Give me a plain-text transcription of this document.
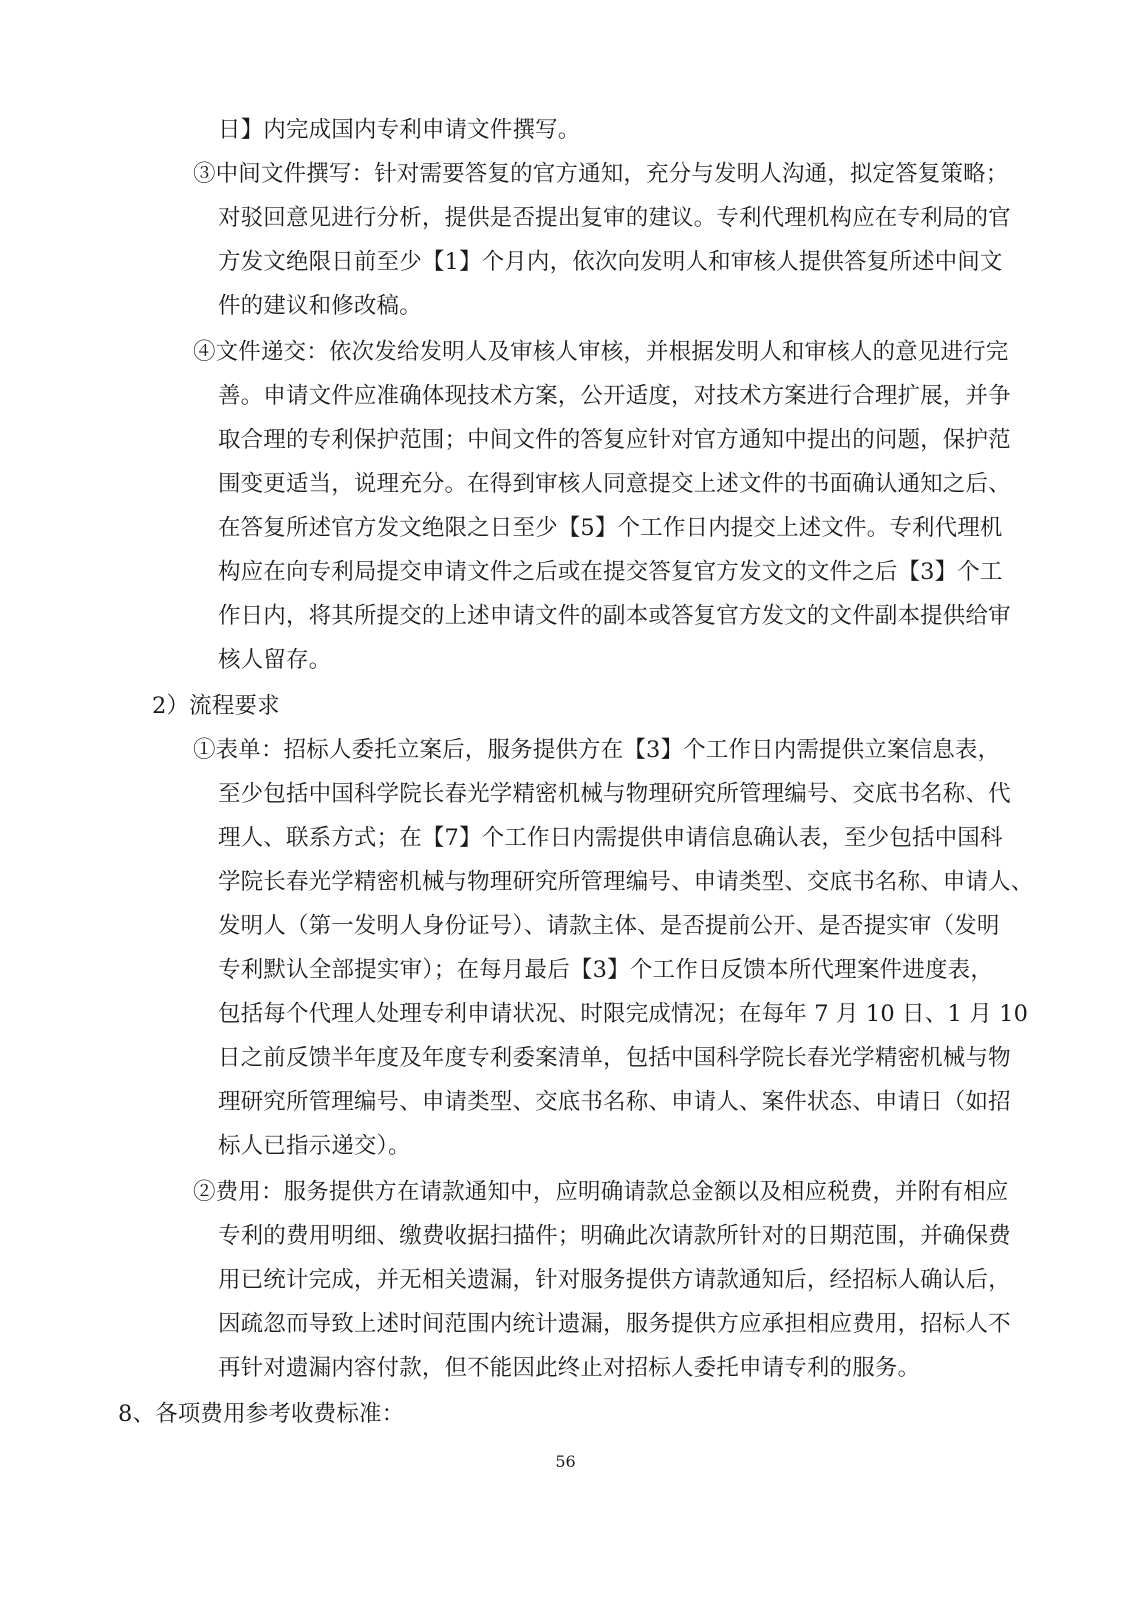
日】内完成国内专利申请文件撰写。
③中间文件撰写：针对需要答复的官方通知，充分与发明人沟通，拟定答复策略；
对驳回意见进行分析，提供是否提出复审的建议。专利代理机构应在专利局的官
方发文绝限日前至少【1】个月内，依次向发明人和审核人提供答复所述中间文
件的建议和修改稿。
④文件递交：依次发给发明人及审核人审核，并根据发明人和审核人的意见进行完
善。申请文件应准确体现技术方案，公开适度，对技术方案进行合理扩展，并争
取合理的专利保护范围；中间文件的答复应针对官方通知中提出的问题，保护范
围变更适当，说理充分。在得到审核人同意提交上述文件的书面确认通知之后、
在答复所述官方发文绝限之日至少【5】个工作日内提交上述文件。专利代理机
构应在向专利局提交申请文件之后或在提交答复官方发文的文件之后【3】个工
作日内，将其所提交的上述申请文件的副本或答复官方发文的文件副本提供给审
核人留存。
2）流程要求
①表单：招标人委托立案后，服务提供方在【3】个工作日内需提供立案信息表，
至少包括中国科学院长春光学精密机械与物理研究所管理编号、交底书名称、代
理人、联系方式；在【7】个工作日内需提供申请信息确认表，至少包括中国科
学院长春光学精密机械与物理研究所管理编号、申请类型、交底书名称、申请人、
发明人（第一发明人身份证号）、请款主体、是否提前公开、是否提实审（发明
专利默认全部提实审）；在每月最后【3】个工作日反馈本所代理案件进度表，
包括每个代理人处理专利申请状况、时限完成情况；在每年 7 月 10 日、1 月 10
日之前反馈半年度及年度专利委案清单，包括中国科学院长春光学精密机械与物
理研究所管理编号、申请类型、交底书名称、申请人、案件状态、申请日（如招
标人已指示递交）。
②费用：服务提供方在请款通知中，应明确请款总金额以及相应税费，并附有相应
专利的费用明细、缴费收据扫描件；明确此次请款所针对的日期范围，并确保费
用已统计完成，并无相关遗漏，针对服务提供方请款通知后，经招标人确认后，
因疏忽而导致上述时间范围内统计遗漏，服务提供方应承担相应费用，招标人不
再针对遗漏内容付款，但不能因此终止对招标人委托申请专利的服务。
8、各项费用参考收费标准：
56
